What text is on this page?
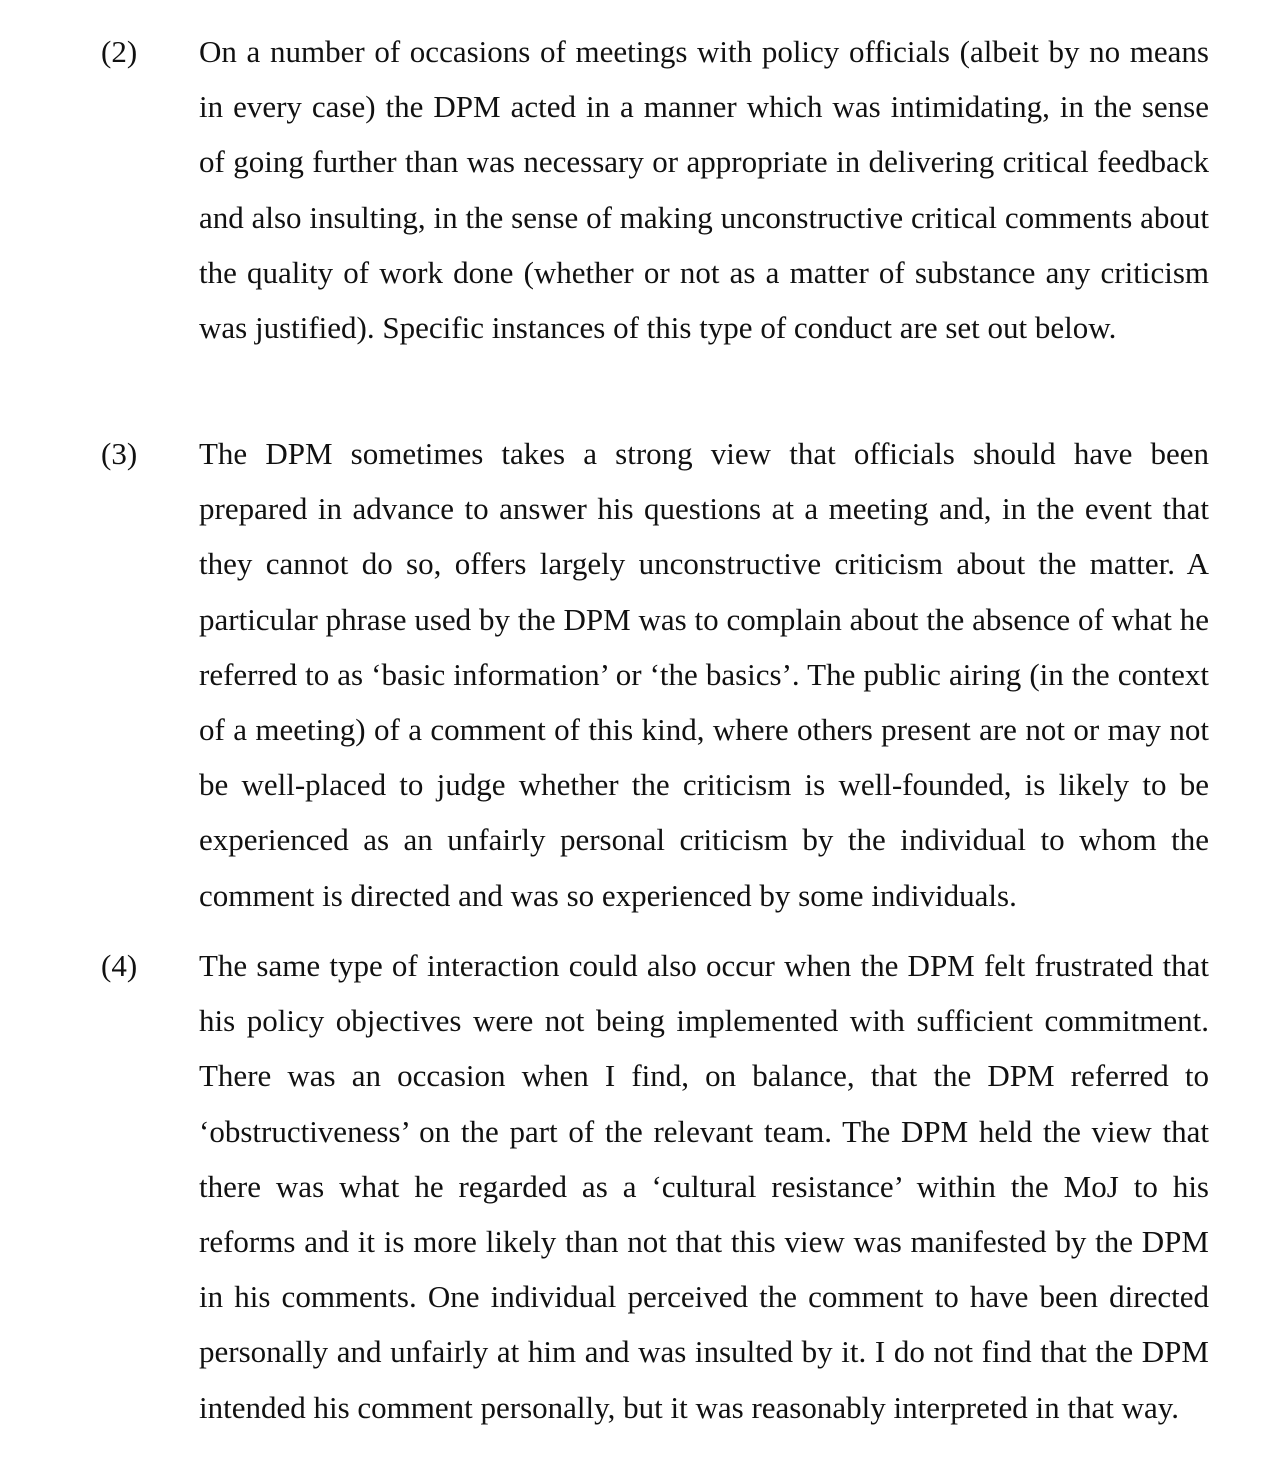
(2) On a number of occasions of meetings with policy officials (albeit by no means in every case) the DPM acted in a manner which was intimidating, in the sense of going further than was necessary or appropriate in delivering critical feedback and also insulting, in the sense of making unconstructive critical comments about the quality of work done (whether or not as a matter of substance any criticism was justified). Specific instances of this type of conduct are set out below.

(3) The DPM sometimes takes a strong view that officials should have been prepared in advance to answer his questions at a meeting and, in the event that they cannot do so, offers largely unconstructive criticism about the matter. A particular phrase used by the DPM was to complain about the absence of what he referred to as ‘basic information’ or ‘the basics’. The public airing (in the context of a meeting) of a comment of this kind, where others present are not or may not be well-placed to judge whether the criticism is well-founded, is likely to be experienced as an unfairly personal criticism by the individual to whom the comment is directed and was so experienced by some individuals.

(4) The same type of interaction could also occur when the DPM felt frustrated that his policy objectives were not being implemented with sufficient commitment. There was an occasion when I find, on balance, that the DPM referred to ‘obstructiveness’ on the part of the relevant team. The DPM held the view that there was what he regarded as a ‘cultural resistance’ within the MoJ to his reforms and it is more likely than not that this view was manifested by the DPM in his comments. One individual perceived the comment to have been directed personally and unfairly at him and was insulted by it. I do not find that the DPM intended his comment personally, but it was reasonably interpreted in that way.
